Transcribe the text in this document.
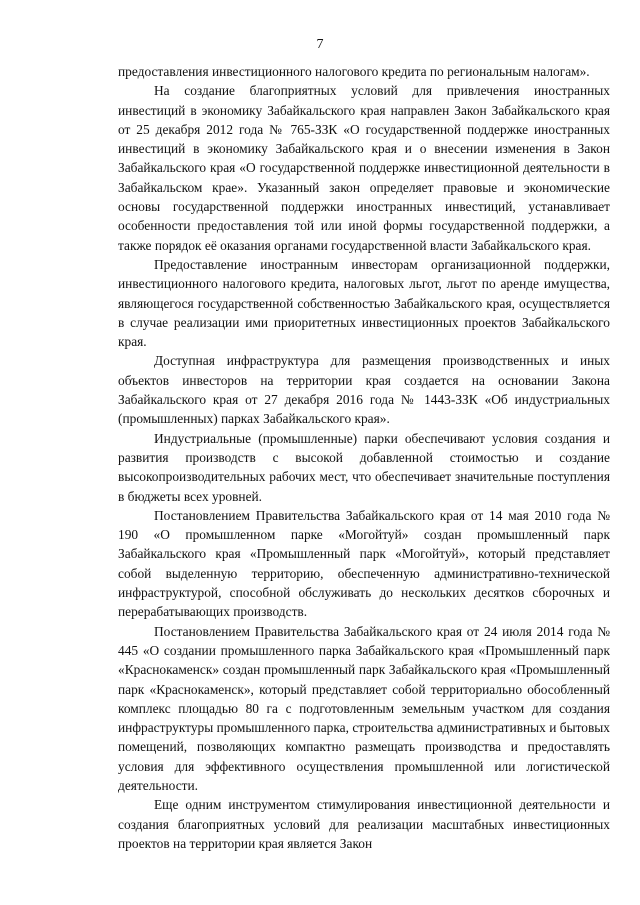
7

предоставления инвестиционного налогового кредита по региональным налогам».

На создание благоприятных условий для привлечения иностранных инвестиций в экономику Забайкальского края направлен Закон Забайкальского края от 25 декабря 2012 года № 765-ЗЗК «О государственной поддержке иностранных инвестиций в экономику Забайкальского края и о внесении изменения в Закон Забайкальского края «О государственной поддержке инвестиционной деятельности в Забайкальском крае». Указанный закон определяет правовые и экономические основы государственной поддержки иностранных инвестиций, устанавливает особенности предоставления той или иной формы государственной поддержки, а также порядок её оказания органами государственной власти Забайкальского края.

Предоставление иностранным инвесторам организационной поддержки, инвестиционного налогового кредита, налоговых льгот, льгот по аренде имущества, являющегося государственной собственностью Забайкальского края, осуществляется в случае реализации ими приоритетных инвестиционных проектов Забайкальского края.

Доступная инфраструктура для размещения производственных и иных объектов инвесторов на территории края создается на основании Закона Забайкальского края от 27 декабря 2016 года № 1443-ЗЗК «Об индустриальных (промышленных) парках Забайкальского края».

Индустриальные (промышленные) парки обеспечивают условия создания и развития производств с высокой добавленной стоимостью и создание высокопроизводительных рабочих мест, что обеспечивает значительные поступления в бюджеты всех уровней.

Постановлением Правительства Забайкальского края от 14 мая 2010 года № 190 «О промышленном парке «Могойтуй» создан промышленный парк Забайкальского края «Промышленный парк «Могойтуй», который представляет собой выделенную территорию, обеспеченную административно-технической инфраструктурой, способной обслуживать до нескольких десятков сборочных и перерабатывающих производств.

Постановлением Правительства Забайкальского края от 24 июля 2014 года № 445 «О создании промышленного парка Забайкальского края «Промышленный парк «Краснокаменск» создан промышленный парк Забайкальского края «Промышленный парк «Краснокаменск», который представляет собой территориально обособленный комплекс площадью 80 га с подготовленным земельным участком для создания инфраструктуры промышленного парка, строительства административных и бытовых помещений, позволяющих компактно размещать производства и предоставлять условия для эффективного осуществления промышленной или логистической деятельности.

Еще одним инструментом стимулирования инвестиционной деятельности и создания благоприятных условий для реализации масштабных инвестиционных проектов на территории края является Закон
